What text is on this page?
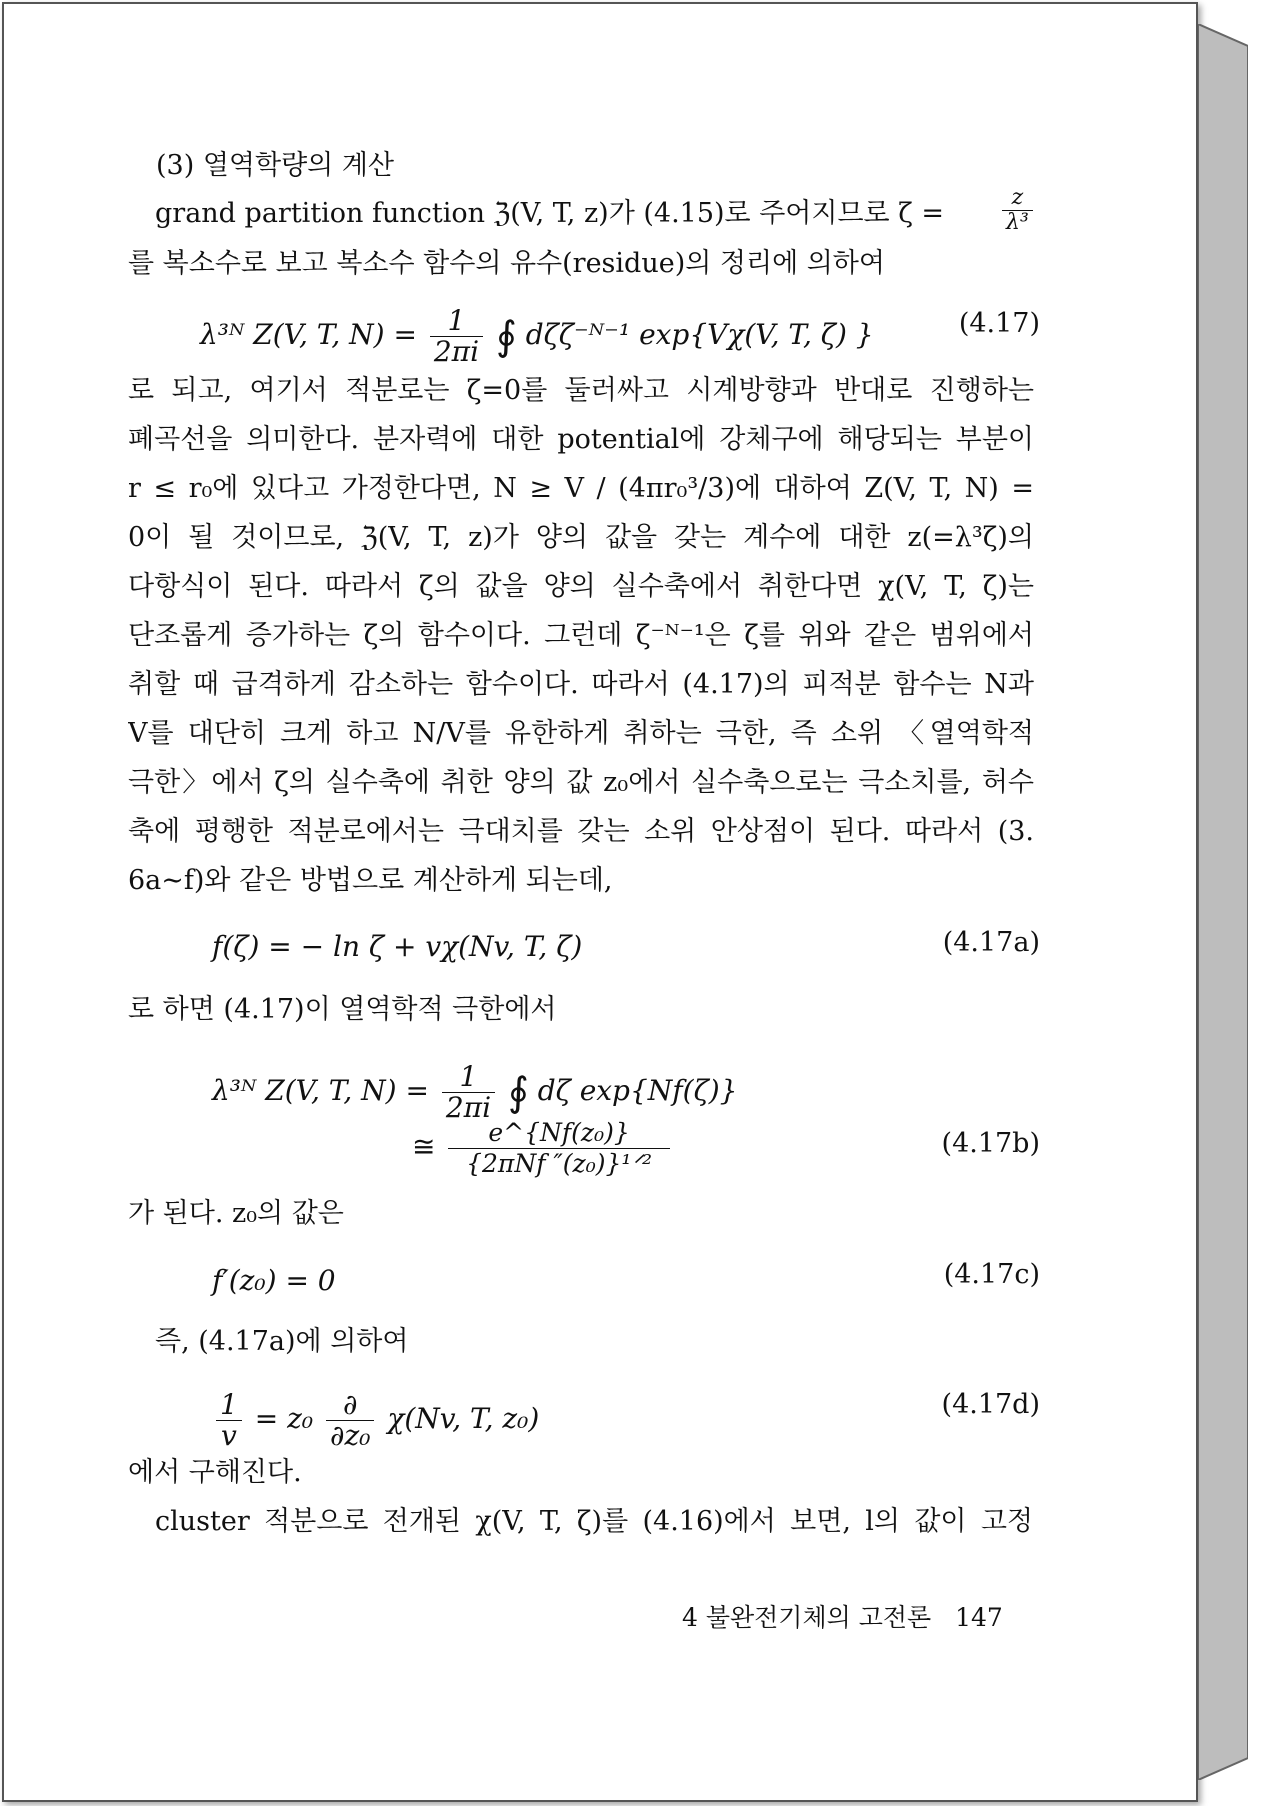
(3) 열역학량의 계산
grand partition function ℨ(V, T, z)가 (4.15)로 주어지므로 ζ =	$\frac{z}{\text{λ³}}$
를 복소수로 보고 복소수 함수의 유수(residue)의 정리에 의하여
λ³ᴺ Z(V, T, $N) = \frac{1}{2\pi i}$ ∮ dζζ⁻ᴺ⁻¹ exp{Vχ(V, T, ζ) }	(4.17)
로 되고, 여기서 적분로는 ζ=0를 둘러싸고 시계방향과 반대로 진행하는
폐곡선을 의미한다. 분자력에 대한 potential에 강체구에 해당되는 부분이
r ≤ r₀에 있다고 가정한다면, N ≥ V / (4πr₀³/3)에 대하여 Z(V, T, N) =
0이 될 것이므로, ℨ(V, T, z)가 양의 값을 갖는 계수에 대한 z(=λ³ζ)의
다항식이 된다. 따라서 ζ의 값을 양의 실수축에서 취한다면 χ(V, T, ζ)는
단조롭게 증가하는 ζ의 함수이다. 그런데 ζ⁻ᴺ⁻¹은 ζ를 위와 같은 범위에서
취할 때 급격하게 감소하는 함수이다. 따라서 (4.17)의 피적분 함수는 N과
V를 대단히 크게 하고 N/V를 유한하게 취하는 극한, 즉 소위 〈열역학적
극한〉에서 ζ의 실수축에 취한 양의 값 z₀에서 실수축으로는 극소치를, 허수
축에 평행한 적분로에서는 극대치를 갖는 소위 안상점이 된다. 따라서 (3.
6a∼f)와 같은 방법으로 계산하게 되는데,
f(ζ) = − ln ζ + vχ(Nv, T, ζ)	(4.17a)
로 하면 (4.17)이 열역학적 극한에서
λ³ᴺ Z(V, T, $N) = \frac{1}{2\pi i}$ ∮ dζ exp{Nf(ζ)}
≅ $\frac{\text{e\textasciicircum{}\{Nf(z₀)\}}}{\text{\{2πNf ″(z₀)\}¹ᐟ²}}$	(4.17b)
가 된다. z₀의 값은
f′(z₀) = 0	(4.17c)
즉, (4.17a)에 의하여
$\frac{1}{v} = z_0 \frac{\partial}{\text{∂z₀}} \chi(Nv$, T, z₀)	(4.17d)
에서 구해진다.
cluster 적분으로 전개된 χ(V, T, ζ)를 (4.16)에서 보면, l의 값이 고정
4 불완전기체의 고전론 147
